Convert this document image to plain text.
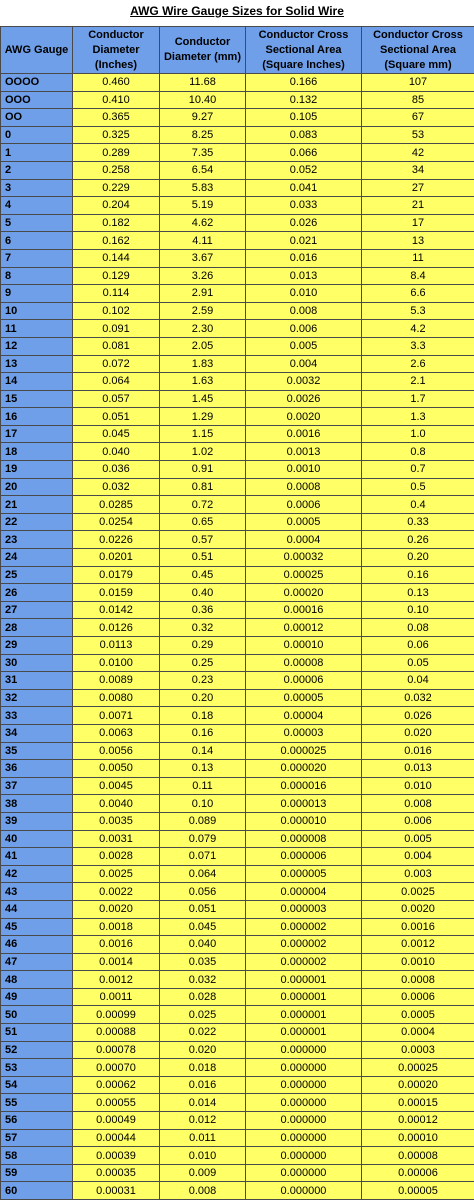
AWG Wire Gauge Sizes for Solid Wire
AWG Gauge	Conductor Diameter (Inches)	Conductor Diameter (mm)	Conductor Cross Sectional Area (Square Inches)	Conductor Cross Sectional Area (Square mm)
OOOO	0.460	11.68	0.166	107
OOO	0.410	10.40	0.132	85
OO	0.365	9.27	0.105	67
0	0.325	8.25	0.083	53
1	0.289	7.35	0.066	42
2	0.258	6.54	0.052	34
3	0.229	5.83	0.041	27
4	0.204	5.19	0.033	21
5	0.182	4.62	0.026	17
6	0.162	4.11	0.021	13
7	0.144	3.67	0.016	11
8	0.129	3.26	0.013	8.4
9	0.114	2.91	0.010	6.6
10	0.102	2.59	0.008	5.3
11	0.091	2.30	0.006	4.2
12	0.081	2.05	0.005	3.3
13	0.072	1.83	0.004	2.6
14	0.064	1.63	0.0032	2.1
15	0.057	1.45	0.0026	1.7
16	0.051	1.29	0.0020	1.3
17	0.045	1.15	0.0016	1.0
18	0.040	1.02	0.0013	0.8
19	0.036	0.91	0.0010	0.7
20	0.032	0.81	0.0008	0.5
21	0.0285	0.72	0.0006	0.4
22	0.0254	0.65	0.0005	0.33
23	0.0226	0.57	0.0004	0.26
24	0.0201	0.51	0.00032	0.20
25	0.0179	0.45	0.00025	0.16
26	0.0159	0.40	0.00020	0.13
27	0.0142	0.36	0.00016	0.10
28	0.0126	0.32	0.00012	0.08
29	0.0113	0.29	0.00010	0.06
30	0.0100	0.25	0.00008	0.05
31	0.0089	0.23	0.00006	0.04
32	0.0080	0.20	0.00005	0.032
33	0.0071	0.18	0.00004	0.026
34	0.0063	0.16	0.00003	0.020
35	0.0056	0.14	0.000025	0.016
36	0.0050	0.13	0.000020	0.013
37	0.0045	0.11	0.000016	0.010
38	0.0040	0.10	0.000013	0.008
39	0.0035	0.089	0.000010	0.006
40	0.0031	0.079	0.000008	0.005
41	0.0028	0.071	0.000006	0.004
42	0.0025	0.064	0.000005	0.003
43	0.0022	0.056	0.000004	0.0025
44	0.0020	0.051	0.000003	0.0020
45	0.0018	0.045	0.000002	0.0016
46	0.0016	0.040	0.000002	0.0012
47	0.0014	0.035	0.000002	0.0010
48	0.0012	0.032	0.000001	0.0008
49	0.0011	0.028	0.000001	0.0006
50	0.00099	0.025	0.000001	0.0005
51	0.00088	0.022	0.000001	0.0004
52	0.00078	0.020	0.000000	0.0003
53	0.00070	0.018	0.000000	0.00025
54	0.00062	0.016	0.000000	0.00020
55	0.00055	0.014	0.000000	0.00015
56	0.00049	0.012	0.000000	0.00012
57	0.00044	0.011	0.000000	0.00010
58	0.00039	0.010	0.000000	0.00008
59	0.00035	0.009	0.000000	0.00006
60	0.00031	0.008	0.000000	0.00005
